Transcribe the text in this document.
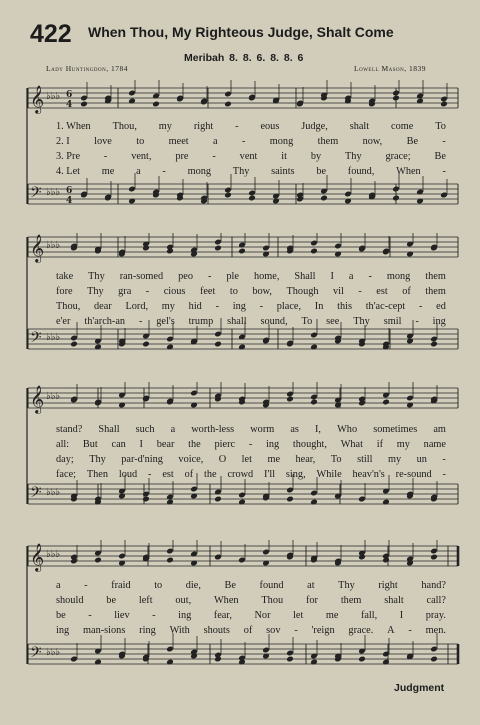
422 When Thou, My Righteous Judge, Shalt Come
Meribah 8. 8. 6. 8. 8. 6
Lady Huntingdon, 1784	Lowell Mason, 1839
𝄞 ♭♭♭ 6
4
𝄢 ♭♭♭ 6
4
1. When Thou, my right - eous Judge, shalt come To
2. I love to meet a - mong them now, Be -
3. Pre - vent, pre - vent it by Thy grace; Be
4. Let me a - mong Thy saints be found, When -
𝄞 ♭♭♭
𝄢 ♭♭♭
take Thy ran-somed peo - ple home, Shall I a - mong them
fore Thy gra - cious feet to bow, Though vil - est of them
Thou, dear Lord, my hid - ing - place, In this th'ac-cept - ed
e'er th'arch-an - gel's trump shall sound, To see Thy smil - ing
𝄞 ♭♭♭
𝄢 ♭♭♭
stand? Shall such a worth-less worm as I, Who sometimes am
all: But can I bear the pierc - ing thought, What if my name
day; Thy par-d'ning voice, O let me hear, To still my un -
face; Then loud - est of the crowd I'll sing, While heav'n's re-sound -
𝄞 ♭♭♭
𝄢 ♭♭♭
a - fraid to die, Be found at Thy right hand?
should be left out, When Thou for them shalt call?
be - liev - ing fear, Nor let me fall, I pray.
ing man-sions ring With shouts of sov - 'reign grace. A - men.
Judgment
